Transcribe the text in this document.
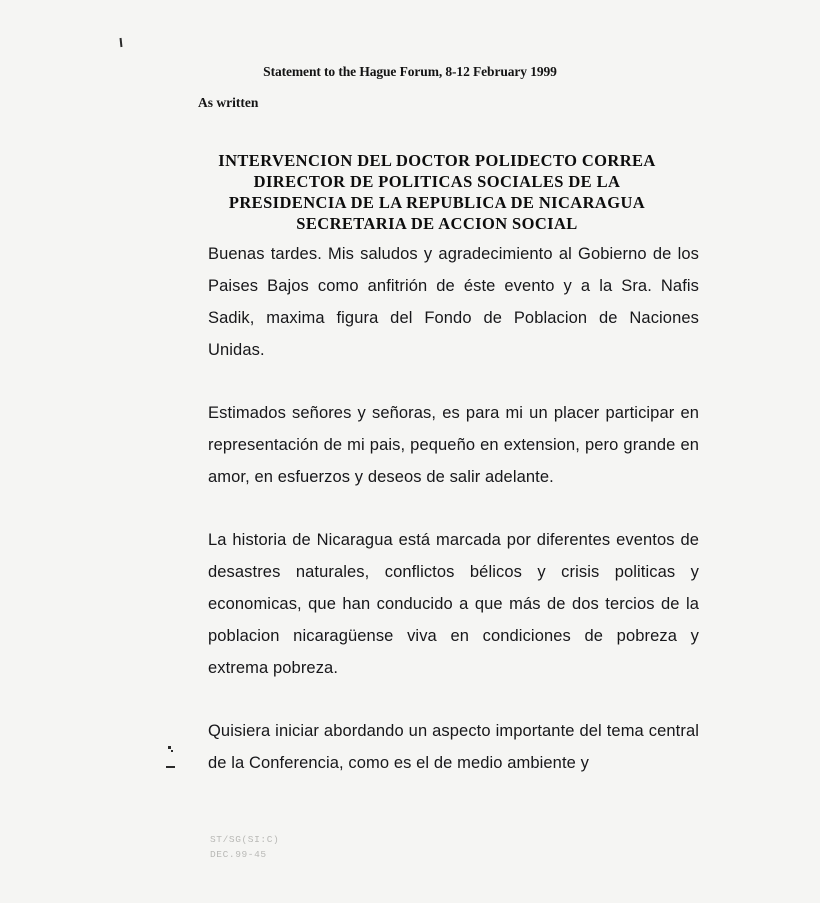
Statement to the Hague Forum, 8-12 February 1999
As written
INTERVENCION DEL DOCTOR POLIDECTO CORREA
DIRECTOR DE POLITICAS SOCIALES DE LA
PRESIDENCIA DE LA REPUBLICA DE NICARAGUA
SECRETARIA DE ACCION SOCIAL

Buenas tardes. Mis saludos y agradecimiento al Gobierno de los Paises Bajos como anfitrión de éste evento y a la Sra. Nafis Sadik, maxima figura del Fondo de Poblacion de Naciones Unidas.

Estimados señores y señoras, es para mi un placer participar en representación de mi pais, pequeño en extension, pero grande en amor, en esfuerzos y deseos de salir adelante.

La historia de Nicaragua está marcada por diferentes eventos de desastres naturales, conflictos bélicos y crisis politicas y economicas, que han conducido a que más de dos tercios de la poblacion nicaragüense viva en condiciones de pobreza y extrema pobreza.

Quisiera iniciar abordando un aspecto importante del tema central de la Conferencia, como es el de medio ambiente y

ST/SG(SI:C)
DEC.99-45
